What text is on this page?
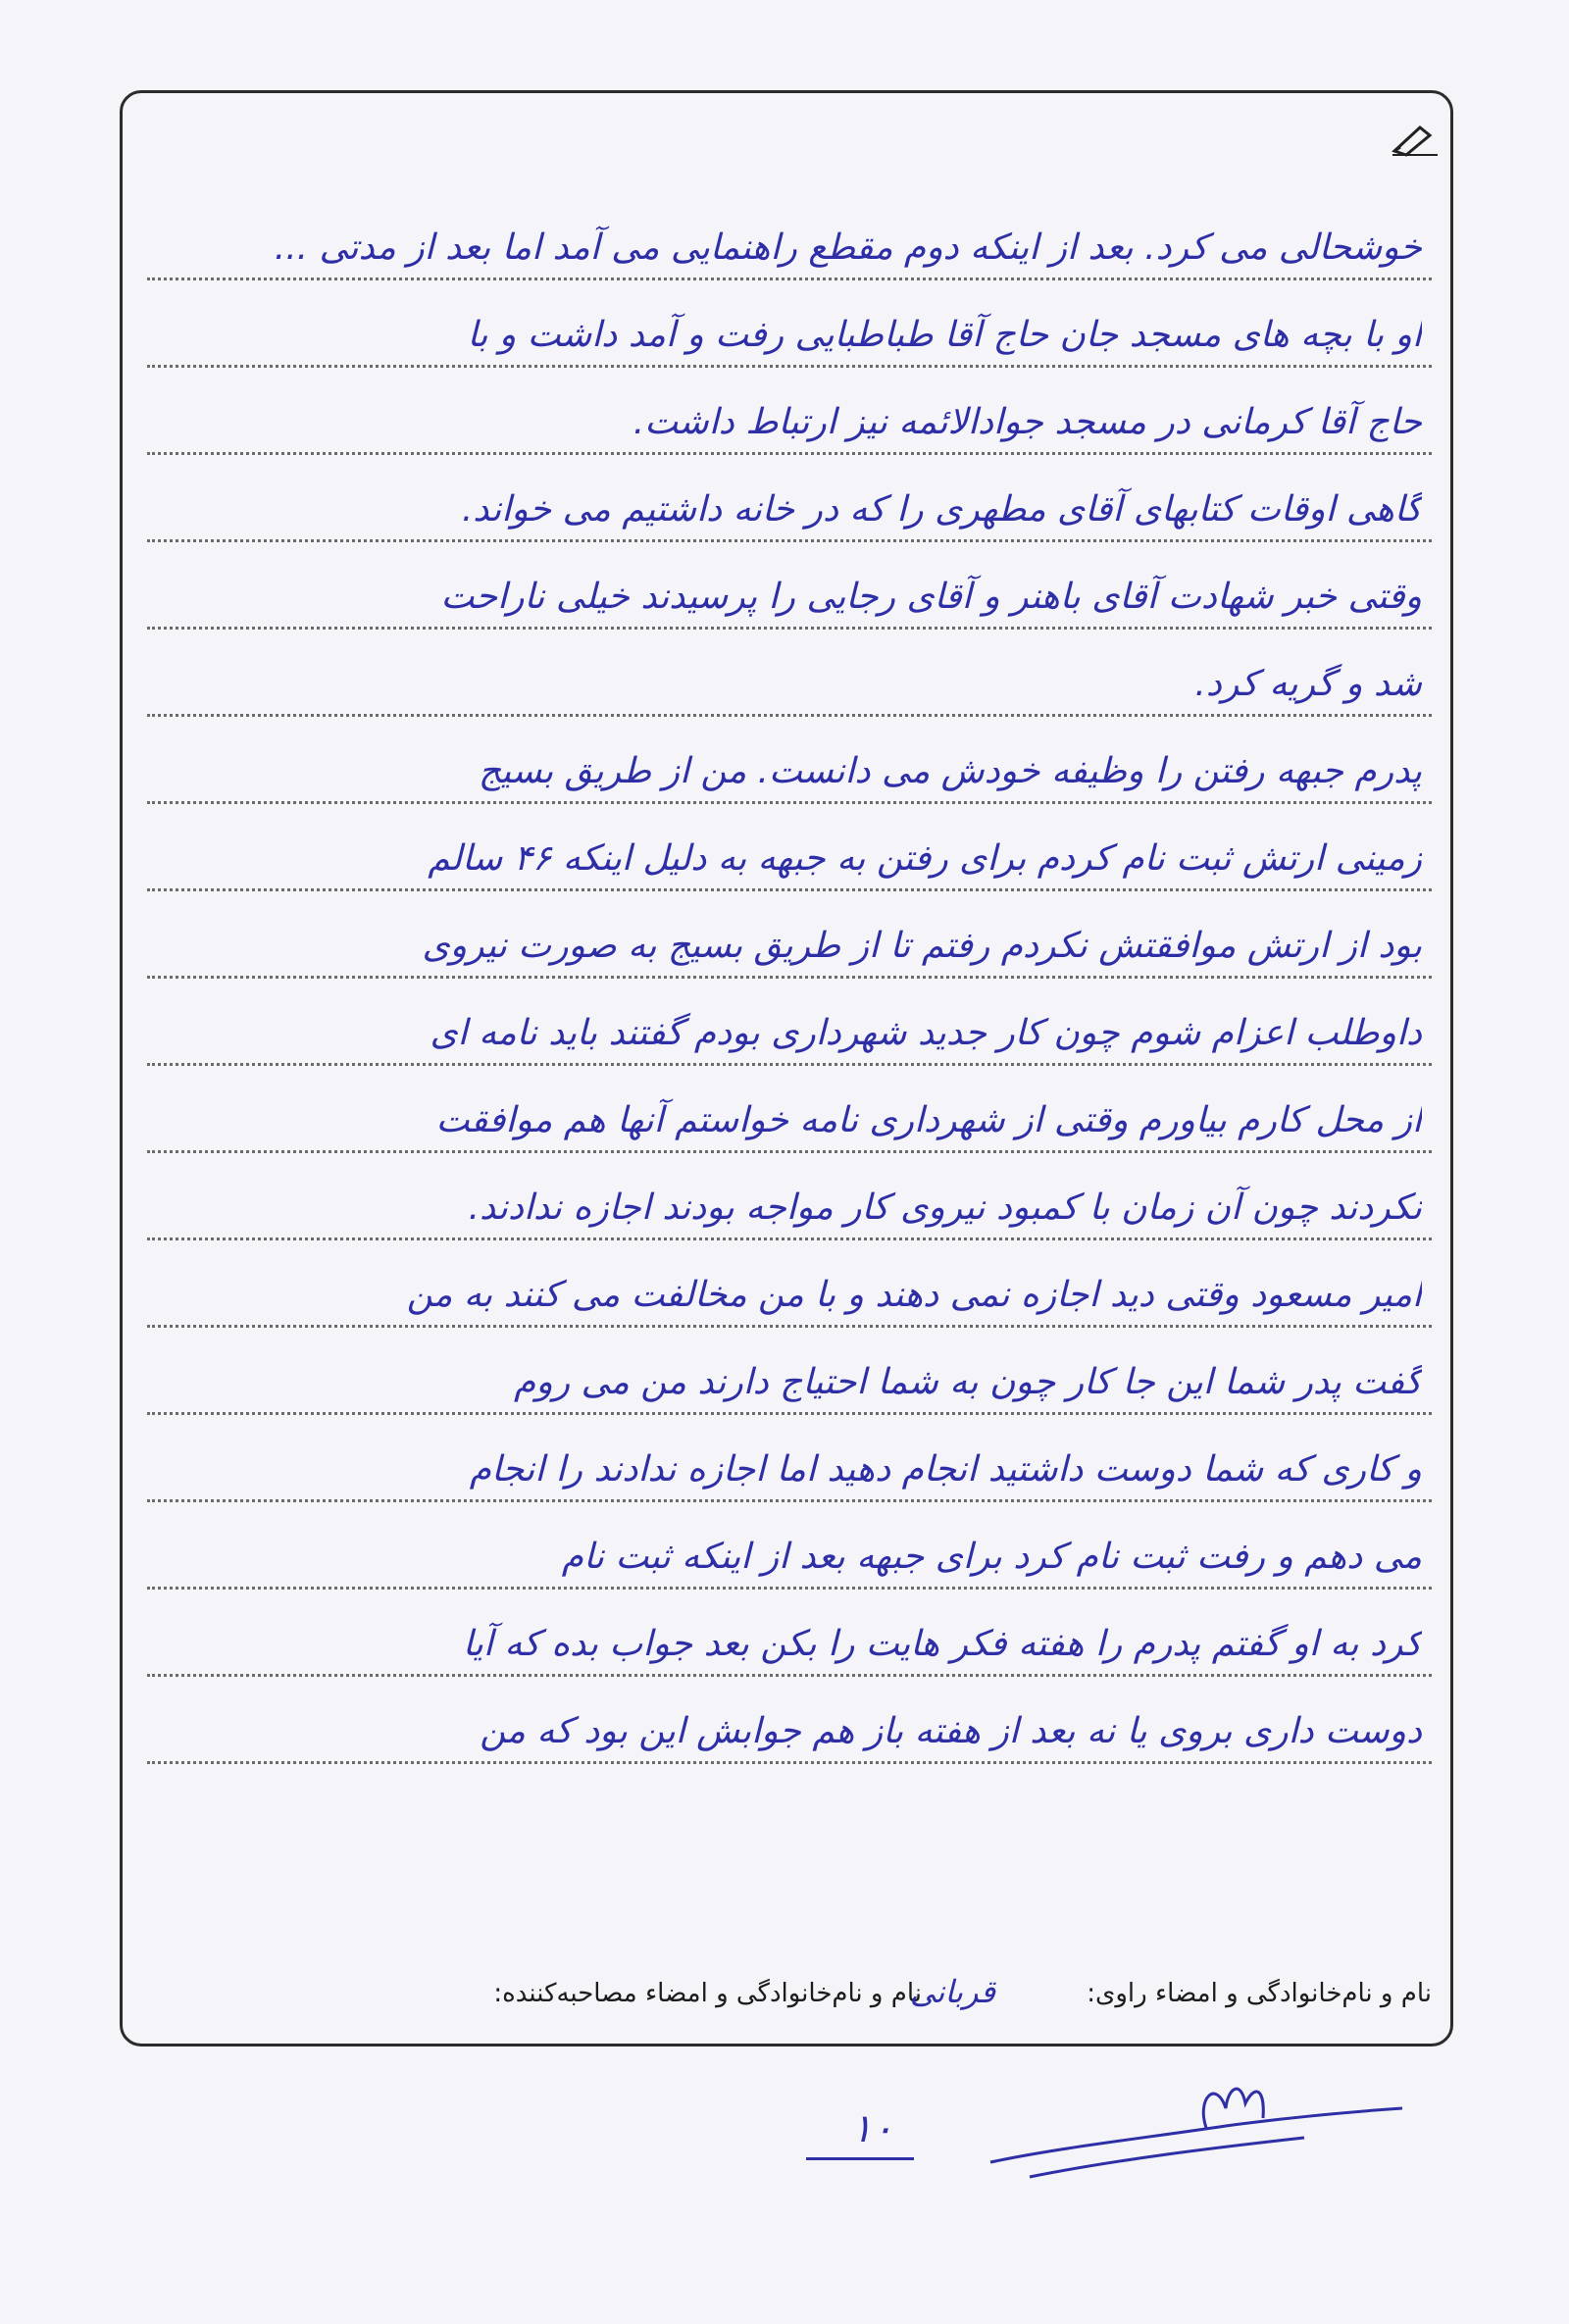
خوشحالی می کرد. بعد از اینکه دوم مقطع راهنمایی می آمد اما بعد از مدتی ...
او با بچه های مسجد جان حاج آقا طباطبایی رفت و آمد داشت و با
حاج آقا کرمانی در مسجد جوادالائمه نیز ارتباط داشت.
گاهی اوقات کتابهای آقای مطهری را که در خانه داشتیم می خواند.
وقتی خبر شهادت آقای باهنر و آقای رجایی را پرسیدند خیلی ناراحت
شد و گریه کرد.
پدرم جبهه رفتن را وظیفه خودش می دانست. من از طریق بسیج
زمینی ارتش ثبت نام کردم برای رفتن به جبهه به دلیل اینکه ۴۶ سالم
بود از ارتش موافقتش نکردم رفتم تا از طریق بسیج به صورت نیروی
داوطلب اعزام شوم چون کار جدید شهرداری بودم گفتند باید نامه ای
از محل کارم بیاورم وقتی از شهرداری نامه خواستم آنها هم موافقت
نکردند چون آن زمان با کمبود نیروی کار مواجه بودند اجازه ندادند.
امیر مسعود وقتی دید اجازه نمی دهند و با من مخالفت می کنند به من
گفت پدر شما این جا کار چون به شما احتیاج دارند من می روم
و کاری که شما دوست داشتید انجام دهید اما اجازه ندادند را انجام
می دهم و رفت ثبت نام کرد برای جبهه بعد از اینکه ثبت نام
کرد به او گفتم پدرم را هفته فکر هایت را بکن بعد جواب بده که آیا
دوست داری بروی یا نه بعد از هفته باز هم جوابش این بود که من
نام و نام‌خانوادگی و امضاء راوی:
نام و نام‌خانوادگی و امضاء مصاحبه‌کننده:
قربانی
۱۰
